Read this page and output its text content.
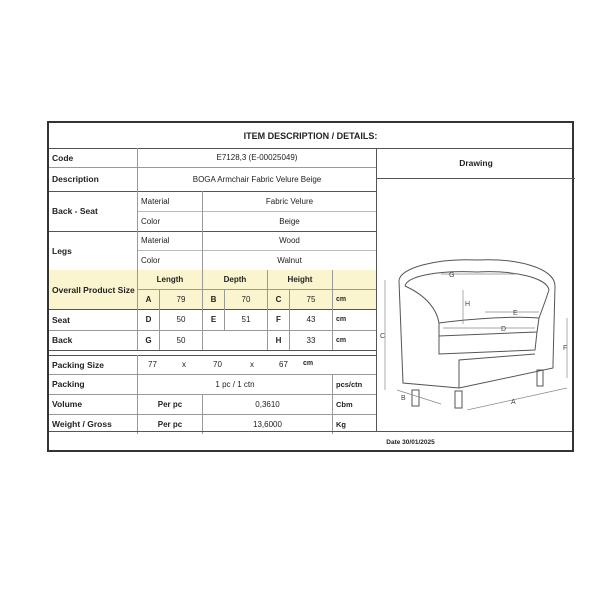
ITEM DESCRIPTION / DETAILS:
Code	E7128,3 (E-00025049)
Description	BOGA Armchair Fabric Velure Beige
Back - Seat
Material	Fabric Velure
Color	Beige
Legs
Material	Wood
Color	Walnut
Overall Product Size
Length	Depth	Height
A	79	B	70	C	75	cm
Seat	D	50	E	51	F	43	cm
Back	G	50	H	33	cm
Packing Size	77	x	70	x	67 cm
Packing	1 pc / 1 ctn	pcs/ctn
Volume	Per pc	0,3610	Cbm
Weight / Gross	Per pc	13,6000	Kg
Drawing
C
F
H
G
E
D
A
B
Date 30/01/2025
